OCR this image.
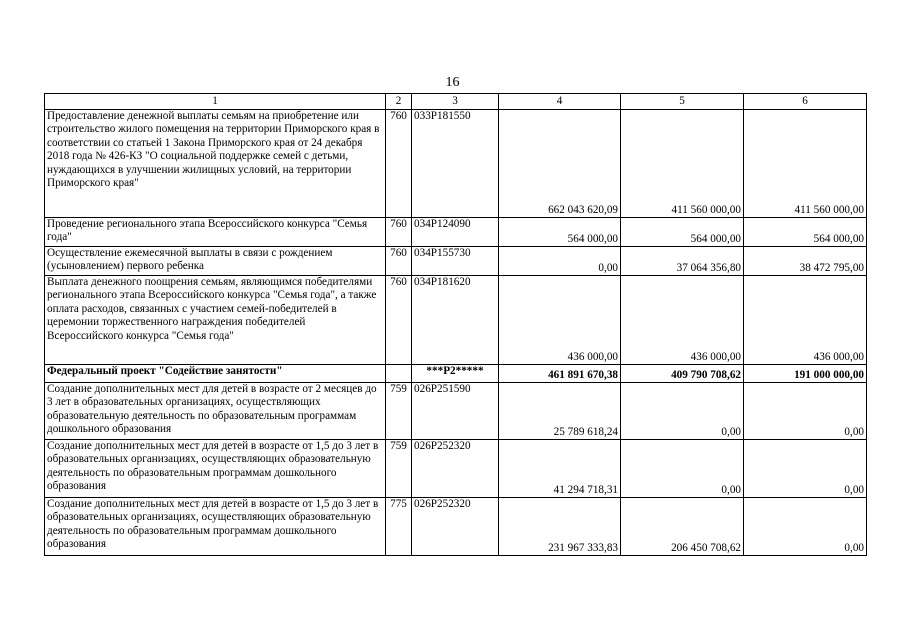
16
1	2	3	4	5	6
Предоставление денежной выплаты семьям на приобретение или строительство жилого помещения на территории Приморского края в соответствии со статьей 1 Закона Приморского края от 24 декабря 2018 года № 426-КЗ "О социальной поддержке семей с детьми, нуждающихся в улучшении жилищных условий, на территории Приморского края"	760	033P181550	662 043 620,09	411 560 000,00	411 560 000,00
Проведение регионального этапа Всероссийского конкурса "Семья года"	760	034P124090	564 000,00	564 000,00	564 000,00
Осуществление ежемесячной выплаты в связи с рождением (усыновлением) первого ребенка	760	034P155730	0,00	37 064 356,80	38 472 795,00
Выплата денежного поощрения семьям, являющимся победителями регионального этапа Всероссийского конкурса "Семья года", а также оплата расходов, связанных с участием семей-победителей в церемонии торжественного награждения победителей Всероссийского конкурса "Семья года"	760	034P181620	436 000,00	436 000,00	436 000,00
Федеральный проект "Содействие занятости"		***P2*****	461 891 670,38	409 790 708,62	191 000 000,00
Создание дополнительных мест для детей в возрасте от 2 месяцев до 3 лет в образовательных организациях, осуществляющих образовательную деятельность по образовательным программам дошкольного образования	759	026P251590	25 789 618,24	0,00	0,00
Создание дополнительных мест для детей в возрасте от 1,5 до 3 лет в образовательных организациях, осуществляющих образовательную деятельность по образовательным программам дошкольного образования	759	026P252320	41 294 718,31	0,00	0,00
Создание дополнительных мест для детей в возрасте от 1,5 до 3 лет в образовательных организациях, осуществляющих образовательную деятельность по образовательным программам дошкольного образования	775	026P252320	231 967 333,83	206 450 708,62	0,00
